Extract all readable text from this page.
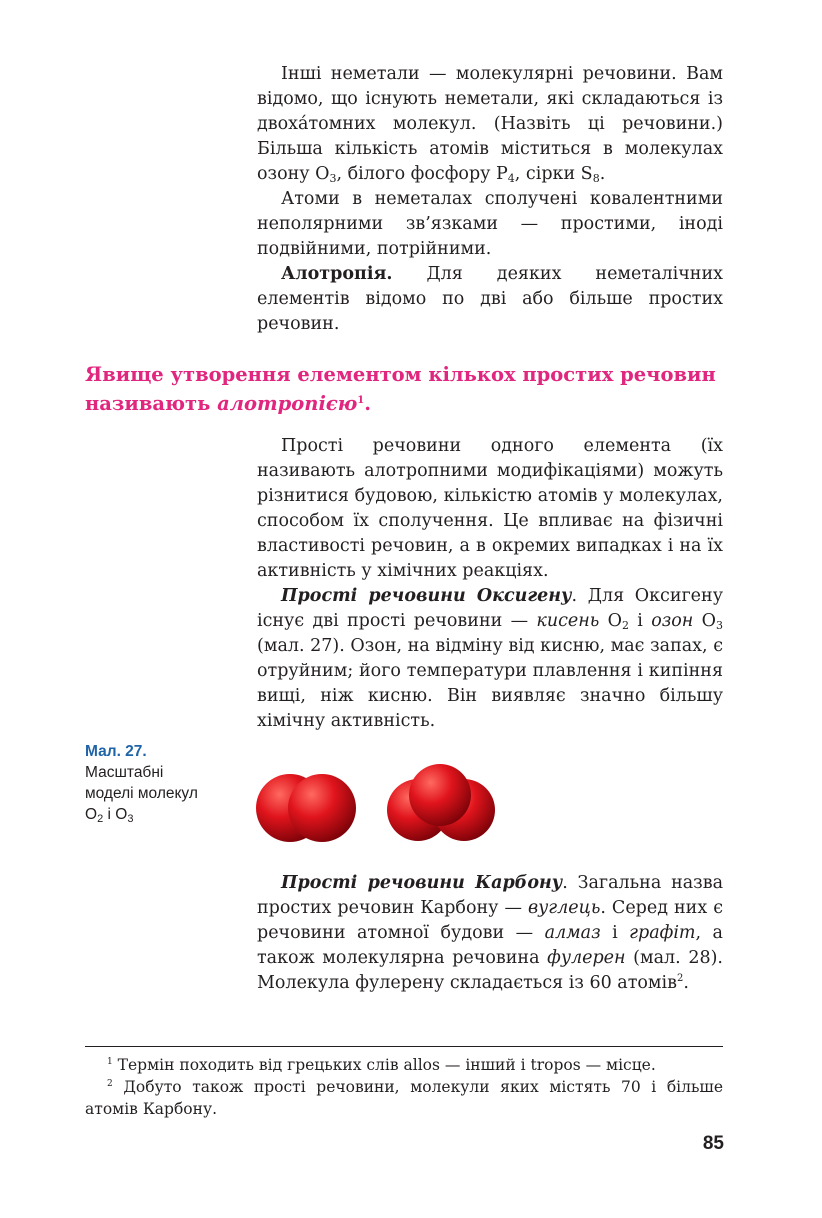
Інші неметали — молекулярні речовини. Вам відомо, що існують неметали, які складаються із двоха́томних молекул. (Назвіть ці речовини.) Більша кількість атомів міститься в молекулах озону $O_3$, білого фосфору $P_4$, сірки $S_8$.

Атоми в неметалах сполучені ковалентними неполярними зв’язками — простими, іноді подвійними, потрійними.

Алотропія. Для деяких неметалічних елементів відомо по дві або більше простих речовин.

Явище утворення елементом кількох простих речовин називають алотропією$^1$.

Прості речовини одного елемента (їх називають алотропними модифікаціями) можуть різнитися будовою, кількістю атомів у молекулах, способом їх сполучення. Це впливає на фізичні властивості речовин, а в окремих випадках і на їх активність у хімічних реакціях.

Прості речовини Оксигену. Для Оксигену існує дві прості речовини — кисень $O_2$ і озон $O_3$ (мал. 27). Озон, на відміну від кисню, має запах, є отруйним; його температури плавлення і кипіння вищі, ніж кисню. Він виявляє значно більшу хімічну активність.

Мал. 27.
Масштабні моделі молекул O2 і O3

Прості речовини Карбону. Загальна назва простих речовин Карбону — вуглець. Серед них є речовини атомної будови — алмаз і графіт, а також молекулярна речовина фулерен (мал. 28). Молекула фулерену складається із 60 атомів$^2$.

$^1$ Термін походить від грецьких слів allos — інший і tropos — місце.
$^2$ Добуто також прості речовини, молекули яких містять 70 і більше атомів Карбону.
85
